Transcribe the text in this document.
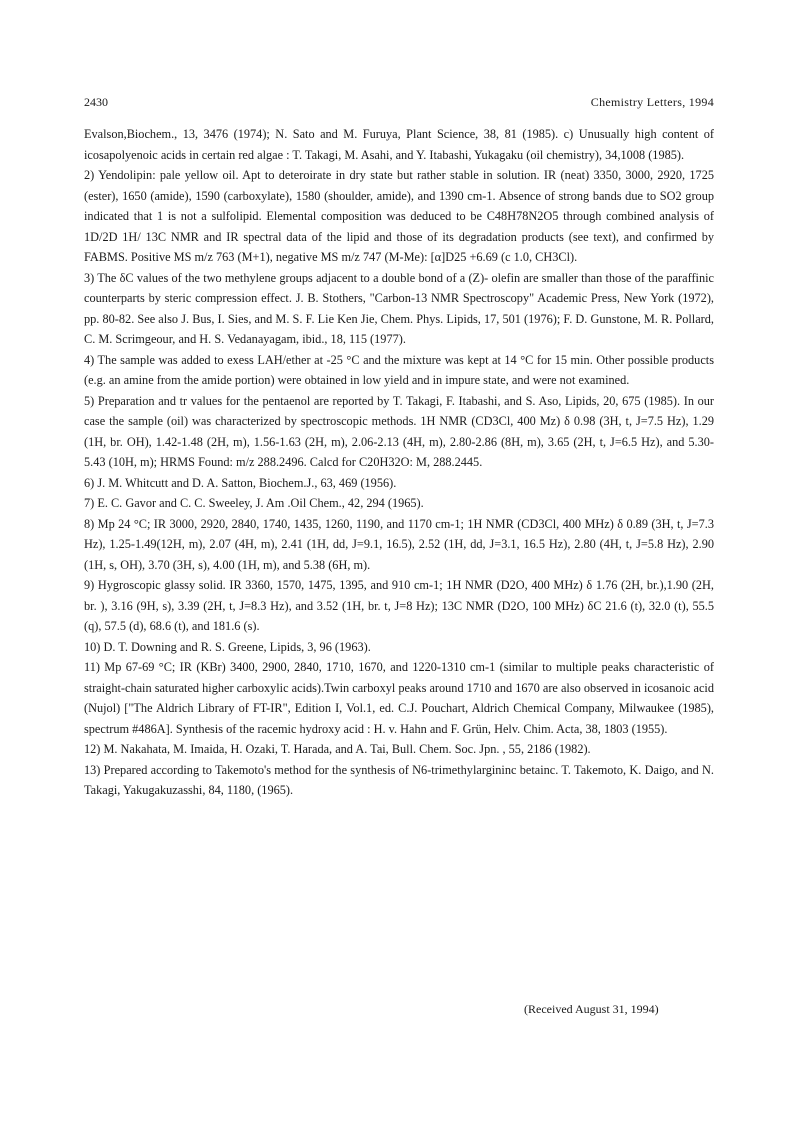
2430	Chemistry Letters, 1994

Evalson,Biochem., 13, 3476 (1974); N. Sato and M. Furuya, Plant Science, 38, 81 (1985). c) Unusually high content of icosapolyenoic acids in certain red algae : T. Takagi, M. Asahi, and Y. Itabashi, Yukagaku (oil chemistry), 34,1008 (1985).

2) Yendolipin: pale yellow oil. Apt to deteroirate in dry state but rather stable in solution. IR (neat) 3350, 3000, 2920, 1725 (ester), 1650 (amide), 1590 (carboxylate), 1580 (shoulder, amide), and 1390 cm-1. Absence of strong bands due to SO2 group indicated that 1 is not a sulfolipid. Elemental composition was deduced to be C48H78N2O5 through combined analysis of 1D/2D 1H/ 13C NMR and IR spectral data of the lipid and those of its degradation products (see text), and confirmed by FABMS. Positive MS m/z 763 (M+1), negative MS m/z 747 (M-Me): [α]D25 +6.69 (c 1.0, CH3Cl).

3) The δC values of the two methylene groups adjacent to a double bond of a (Z)- olefin are smaller than those of the paraffinic counterparts by steric compression effect. J. B. Stothers, "Carbon-13 NMR Spectroscopy" Academic Press, New York (1972), pp. 80-82. See also J. Bus, I. Sies, and M. S. F. Lie Ken Jie, Chem. Phys. Lipids, 17, 501 (1976); F. D. Gunstone, M. R. Pollard, C. M. Scrimgeour, and H. S. Vedanayagam, ibid., 18, 115 (1977).

4) The sample was added to exess LAH/ether at -25 °C and the mixture was kept at 14 °C for 15 min. Other possible products (e.g. an amine from the amide portion) were obtained in low yield and in impure state, and were not examined.

5) Preparation and tr values for the pentaenol are reported by T. Takagi, F. Itabashi, and S. Aso, Lipids, 20, 675 (1985). In our case the sample (oil) was characterized by spectroscopic methods. 1H NMR (CD3Cl, 400 Mz) δ 0.98 (3H, t, J=7.5 Hz), 1.29 (1H, br. OH), 1.42-1.48 (2H, m), 1.56-1.63 (2H, m), 2.06-2.13 (4H, m), 2.80-2.86 (8H, m), 3.65 (2H, t, J=6.5 Hz), and 5.30-5.43 (10H, m); HRMS Found: m/z 288.2496. Calcd for C20H32O: M, 288.2445.

6) J. M. Whitcutt and D. A. Satton, Biochem.J., 63, 469 (1956).

7) E. C. Gavor and C. C. Sweeley, J. Am .Oil Chem., 42, 294 (1965).

8) Mp 24 °C; IR 3000, 2920, 2840, 1740, 1435, 1260, 1190, and 1170 cm-1; 1H NMR (CD3Cl, 400 MHz) δ 0.89 (3H, t, J=7.3 Hz), 1.25-1.49(12H, m), 2.07 (4H, m), 2.41 (1H, dd, J=9.1, 16.5), 2.52 (1H, dd, J=3.1, 16.5 Hz), 2.80 (4H, t, J=5.8 Hz), 2.90 (1H, s, OH), 3.70 (3H, s), 4.00 (1H, m), and 5.38 (6H, m).

9) Hygroscopic glassy solid. IR 3360, 1570, 1475, 1395, and 910 cm-1; 1H NMR (D2O, 400 MHz) δ 1.76 (2H, br.),1.90 (2H, br. ), 3.16 (9H, s), 3.39 (2H, t, J=8.3 Hz), and 3.52 (1H, br. t, J=8 Hz); 13C NMR (D2O, 100 MHz) δC 21.6 (t), 32.0 (t), 55.5 (q), 57.5 (d), 68.6 (t), and 181.6 (s).

10) D. T. Downing and R. S. Greene, Lipids, 3, 96 (1963).

11) Mp 67-69 °C; IR (KBr) 3400, 2900, 2840, 1710, 1670, and 1220-1310 cm-1 (similar to multiple peaks characteristic of straight-chain saturated higher carboxylic acids).Twin carboxyl peaks around 1710 and 1670 are also observed in icosanoic acid (Nujol) ["The Aldrich Library of FT-IR", Edition I, Vol.1, ed. C.J. Pouchart, Aldrich Chemical Company, Milwaukee (1985), spectrum #486A]. Synthesis of the racemic hydroxy acid : H. v. Hahn and F. Grün, Helv. Chim. Acta, 38, 1803 (1955).

12) M. Nakahata, M. Imaida, H. Ozaki, T. Harada, and A. Tai, Bull. Chem. Soc. Jpn. , 55, 2186 (1982).

13) Prepared according to Takemoto's method for the synthesis of N6-trimethylargininc betainc. T. Takemoto, K. Daigo, and N. Takagi, Yakugakuzasshi, 84, 1180, (1965).

(Received August 31, 1994)
